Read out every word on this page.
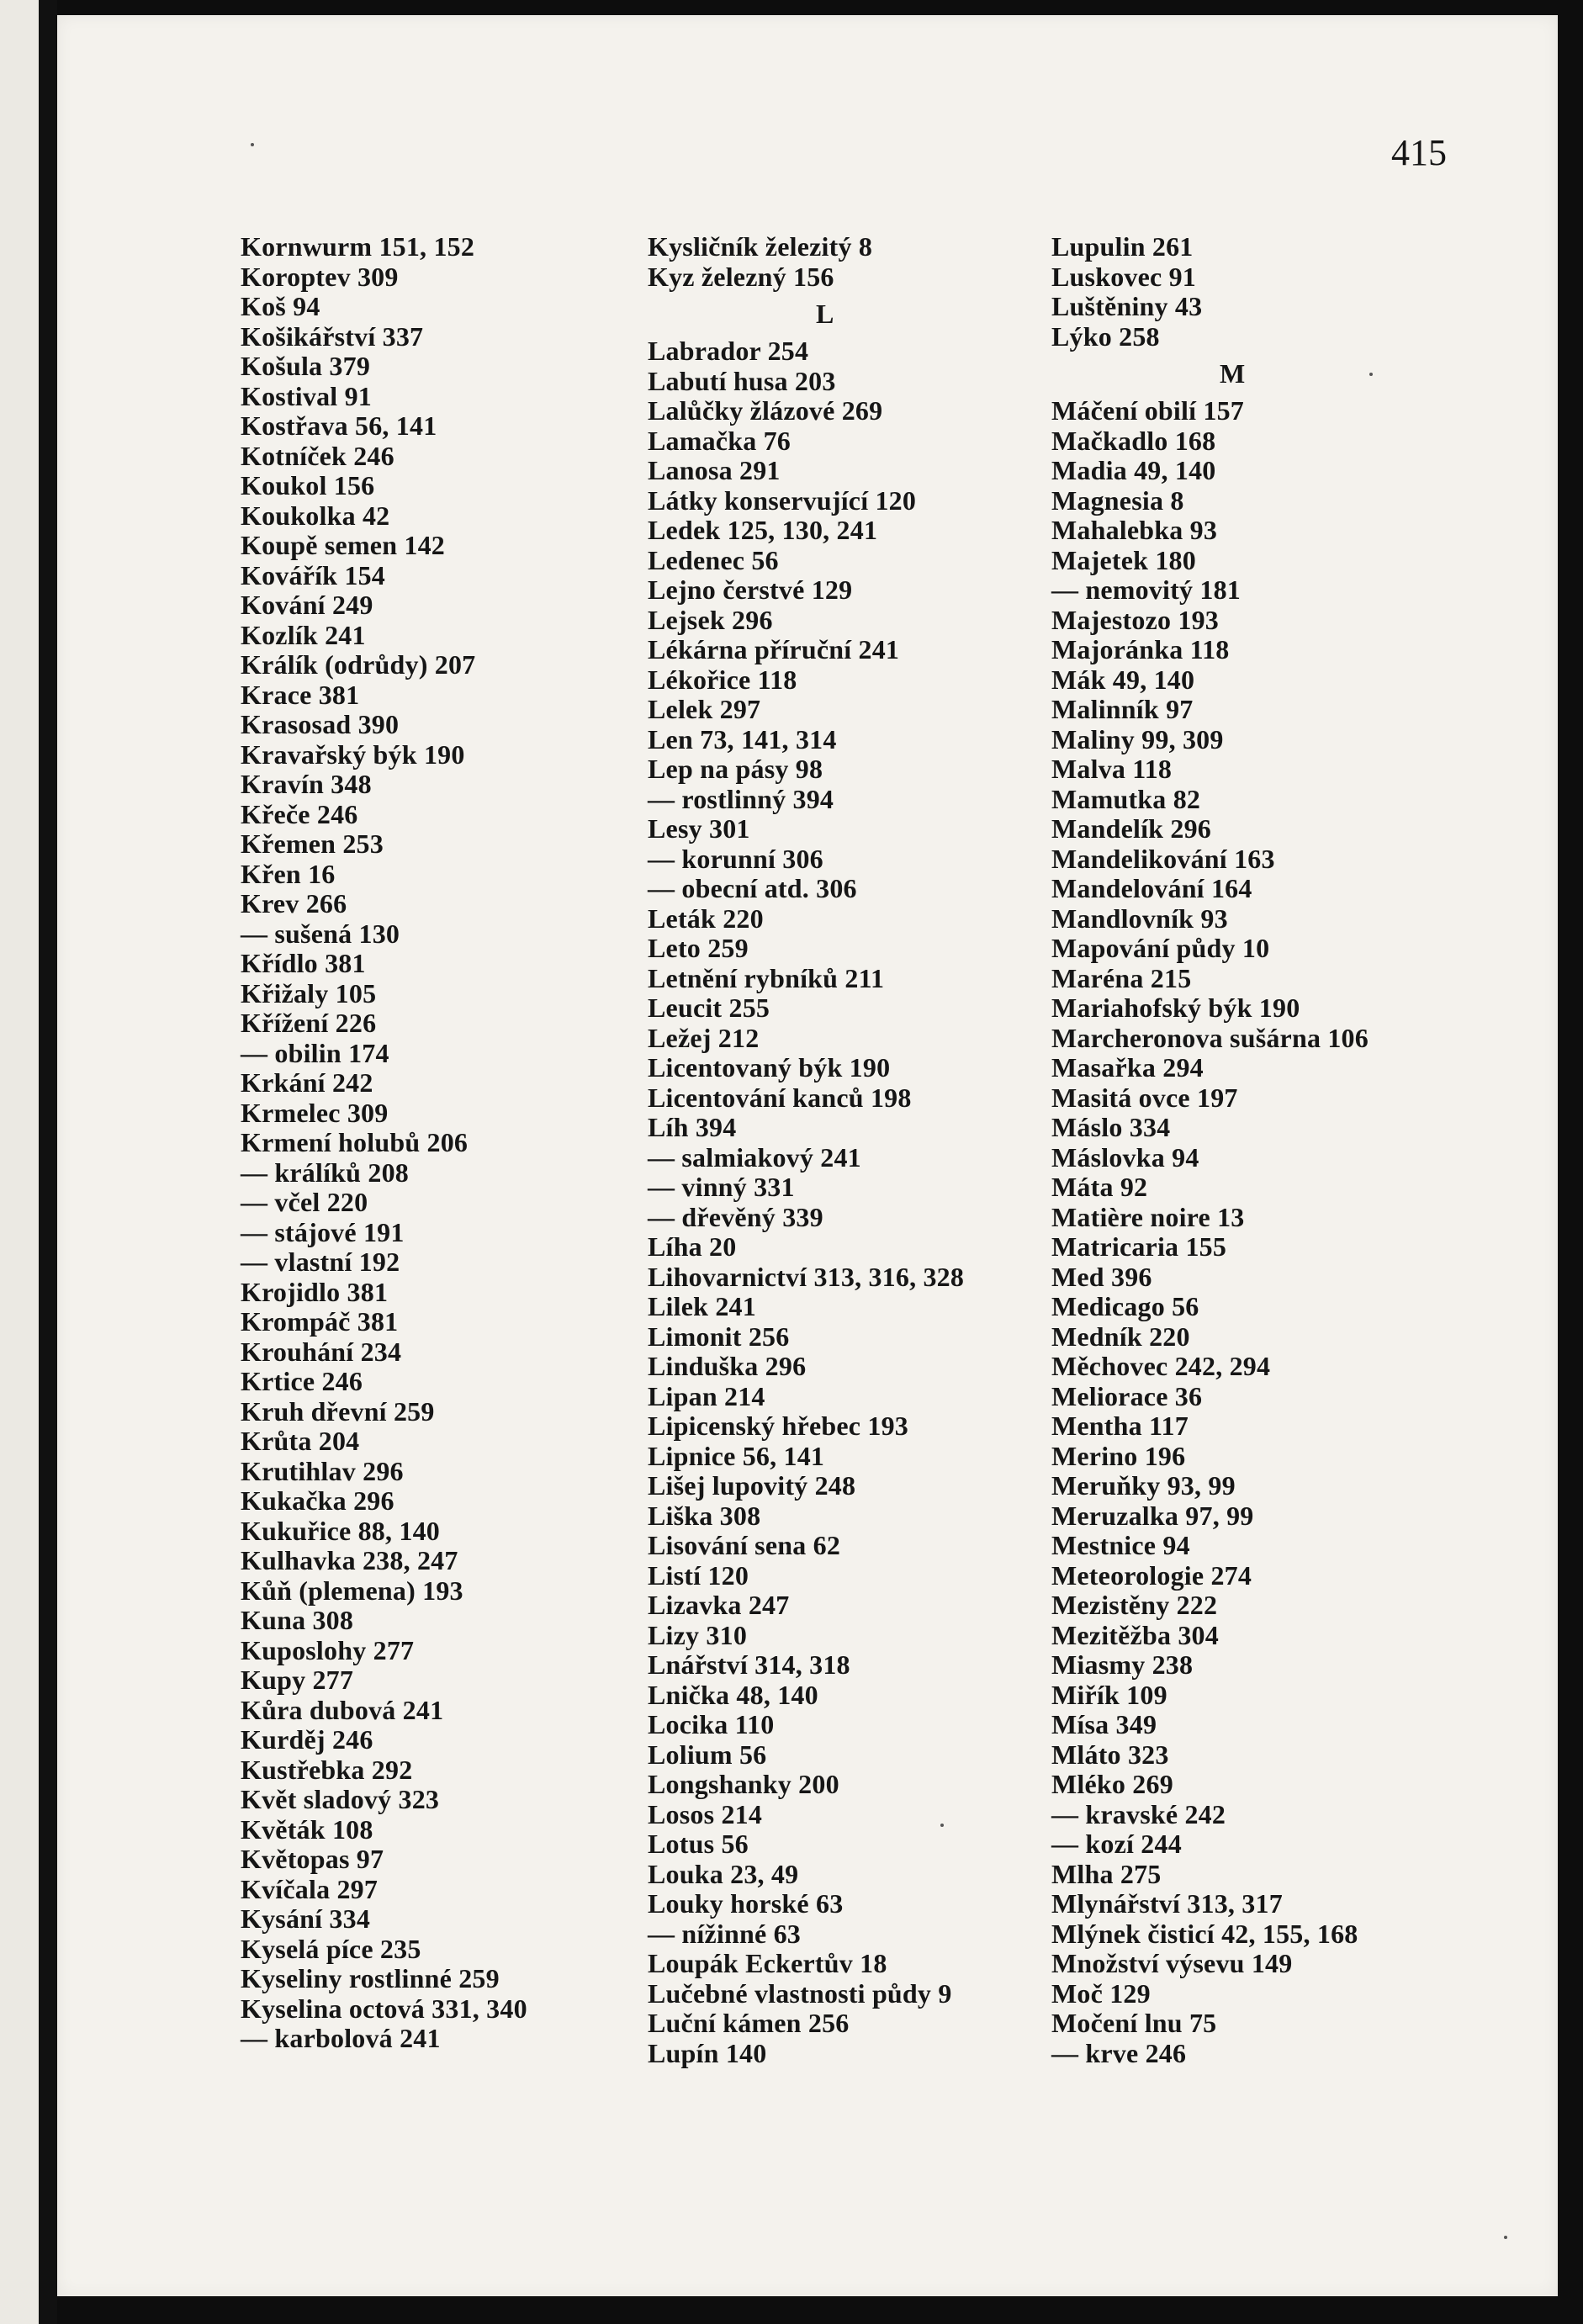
415
Kornwurm 151, 152
Koroptev 309
Koš 94
Košikářství 337
Košula 379
Kostival 91
Kostřava 56, 141
Kotníček 246
Koukol 156
Koukolka 42
Koupě semen 142
Kovářík 154
Kování 249
Kozlík 241
Králík (odrůdy) 207
Krace 381
Krasosad 390
Kravařský býk 190
Kravín 348
Křeče 246
Křemen 253
Křen 16
Krev 266
— sušená 130
Křídlo 381
Křižaly 105
Křížení 226
— obilin 174
Krkání 242
Krmelec 309
Krmení holubů 206
— králíků 208
— včel 220
— stájové 191
— vlastní 192
Krojidlo 381
Krompáč 381
Krouhání 234
Krtice 246
Kruh dřevní 259
Krůta 204
Krutihlav 296
Kukačka 296
Kukuřice 88, 140
Kulhavka 238, 247
Kůň (plemena) 193
Kuna 308
Kuposlohy 277
Kupy 277
Kůra dubová 241
Kurděj 246
Kustřebka 292
Květ sladový 323
Květák 108
Květopas 97
Kvíčala 297
Kysání 334
Kyselá píce 235
Kyseliny rostlinné 259
Kyselina octová 331, 340
— karbolová 241
Kysličník železitý 8
Kyz železný 156
L
Labrador 254
Labutí husa 203
Lalůčky žlázové 269
Lamačka 76
Lanosa 291
Látky konservující 120
Ledek 125, 130, 241
Ledenec 56
Lejno čerstvé 129
Lejsek 296
Lékárna příruční 241
Lékořice 118
Lelek 297
Len 73, 141, 314
Lep na pásy 98
— rostlinný 394
Lesy 301
— korunní 306
— obecní atd. 306
Leták 220
Leto 259
Letnění rybníků 211
Leucit 255
Ležej 212
Licentovaný býk 190
Licentování kanců 198
Líh 394
— salmiakový 241
— vinný 331
— dřevěný 339
Líha 20
Lihovarnictví 313, 316, 328
Lilek 241
Limonit 256
Linduška 296
Lipan 214
Lipicenský hřebec 193
Lipnice 56, 141
Lišej lupovitý 248
Liška 308
Lisování sena 62
Listí 120
Lizavka 247
Lizy 310
Lnářství 314, 318
Lnička 48, 140
Locika 110
Lolium 56
Longshanky 200
Losos 214
Lotus 56
Louka 23, 49
Louky horské 63
— nížinné 63
Loupák Eckertův 18
Lučebné vlastnosti půdy 9
Luční kámen 256
Lupín 140
Lupulin 261
Luskovec 91
Luštěniny 43
Lýko 258
M
Máčení obilí 157
Mačkadlo 168
Madia 49, 140
Magnesia 8
Mahalebka 93
Majetek 180
— nemovitý 181
Majestozo 193
Majoránka 118
Mák 49, 140
Malinník 97
Maliny 99, 309
Malva 118
Mamutka 82
Mandelík 296
Mandelikování 163
Mandelování 164
Mandlovník 93
Mapování půdy 10
Maréna 215
Mariahofský býk 190
Marcheronova sušárna 106
Masařka 294
Masitá ovce 197
Máslo 334
Máslovka 94
Máta 92
Matière noire 13
Matricaria 155
Med 396
Medicago 56
Medník 220
Měchovec 242, 294
Meliorace 36
Mentha 117
Merino 196
Meruňky 93, 99
Meruzalka 97, 99
Mestnice 94
Meteorologie 274
Mezistěny 222
Mezitěžba 304
Miasmy 238
Miřík 109
Mísa 349
Mláto 323
Mléko 269
— kravské 242
— kozí 244
Mlha 275
Mlynářství 313, 317
Mlýnek čisticí 42, 155, 168
Množství výsevu 149
Moč 129
Močení lnu 75
— krve 246
